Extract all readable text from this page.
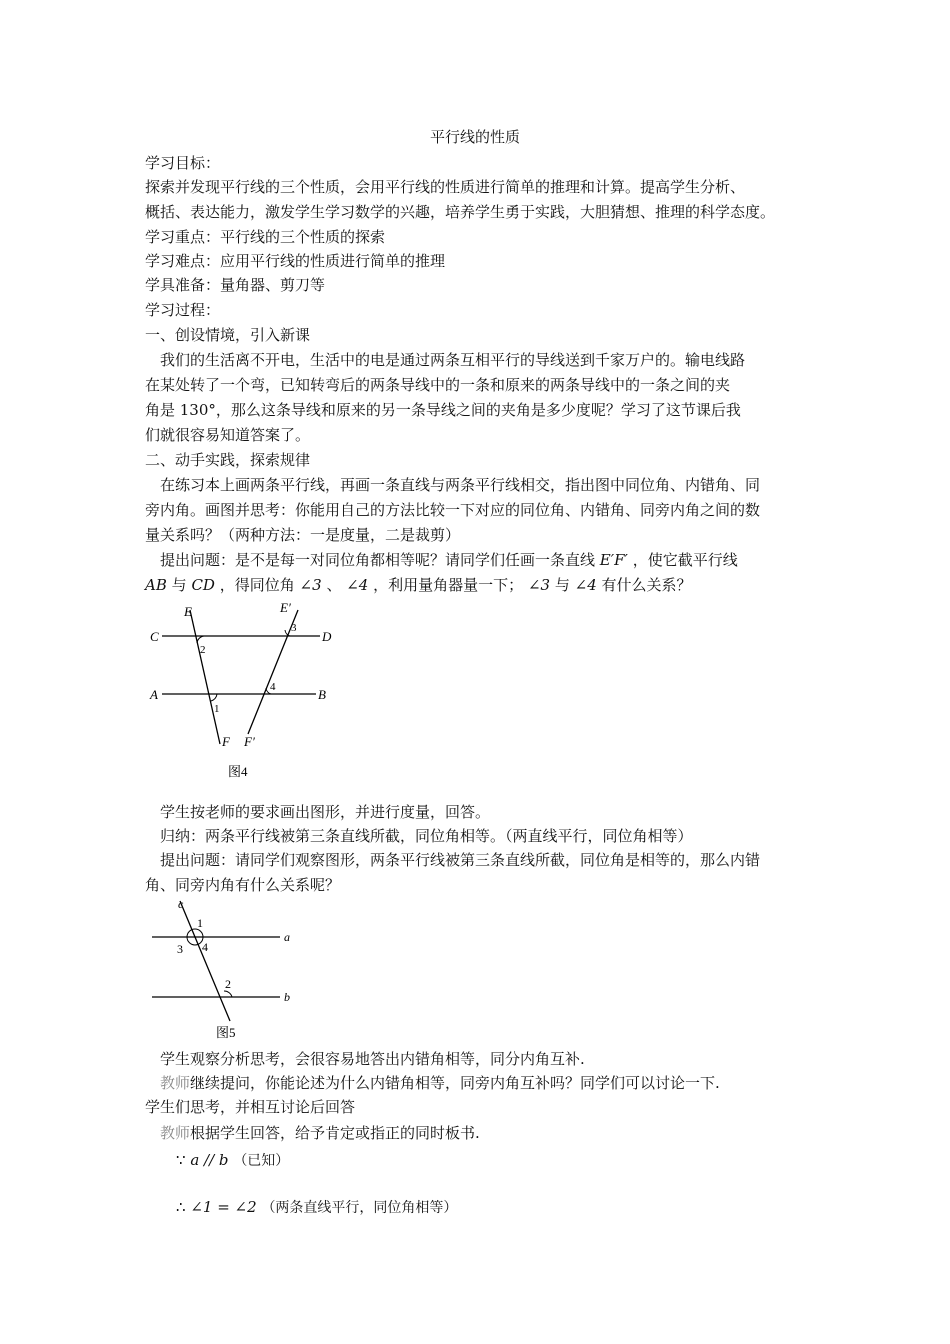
平行线的性质
学习目标：
探索并发现平行线的三个性质，会用平行线的性质进行简单的推理和计算。提高学生分析、
概括、表达能力，激发学生学习数学的兴趣，培养学生勇于实践，大胆猜想、推理的科学态度。
学习重点：平行线的三个性质的探索
学习难点：应用平行线的性质进行简单的推理
学具准备：量角器、剪刀等
学习过程：
一、创设情境，引入新课
我们的生活离不开电，生活中的电是通过两条互相平行的导线送到千家万户的。输电线路
在某处转了一个弯，已知转弯后的两条导线中的一条和原来的两条导线中的一条之间的夹
角是 130°，那么这条导线和原来的另一条导线之间的夹角是多少度呢？学习了这节课后我
们就很容易知道答案了。
二、动手实践，探索规律
在练习本上画两条平行线，再画一条直线与两条平行线相交，指出图中同位角、内错角、同
旁内角。画图并思考：你能用自己的方法比较一下对应的同位角、内错角、同旁内角之间的数
量关系吗？（两种方法：一是度量，二是裁剪）
提出问题：是不是每一对同位角都相等呢？请同学们任画一条直线 E′F′ ，使它截平行线
AB 与 CD ，得同位角 ∠3 、 ∠4 ，利用量角器量一下； ∠3 与 ∠4 有什么关系？
E	E′
C	D
A	B
F F′
2
1
3
4
图4
学生按老师的要求画出图形，并进行度量，回答。
归纳：两条平行线被第三条直线所截，同位角相等。（两直线平行，同位角相等）
提出问题：请同学们观察图形，两条平行线被第三条直线所截，同位角是相等的，那么内错
角、同旁内角有什么关系呢？
c
a
b
1
3 4
2
图5
学生观察分析思考，会很容易地答出内错角相等，同分内角互补.
教师继续提问，你能论述为什么内错角相等，同旁内角互补吗？同学们可以讨论一下.
学生们思考，并相互讨论后回答
教师根据学生回答，给予肯定或指正的同时板书.
∵ a // b （已知）
∴ ∠1 = ∠2 （两条直线平行，同位角相等）
